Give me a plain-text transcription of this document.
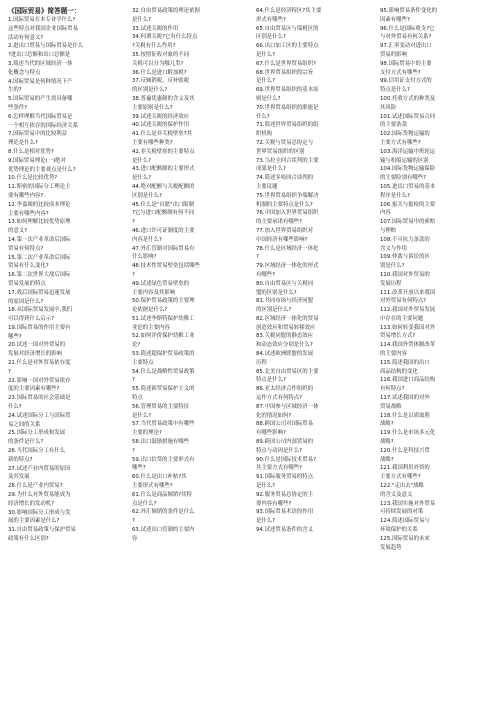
《国际贸易》简答题一：

1.国际贸易在本专业学什么?

这些特点对我国企业国际贸易

活动有何意义?

2.进出口贸易与国际贸易是什么

?进出口总额和出口总额是

3.简述当代的区域经济一体

化概念与特点

4.国际贸易是何种情况下产

生的?

5.国际贸易的产生需具备哪

些条件?

6.怎样理解当代国际贸易是

一个相互依存的国际经济关系

7.国际贸易中的比较利益

理论是什么?

8.什么是相对优势?

9.国际贸易理论(一)绝对

优势理论的主要观点是什么?

10.什么是比较优势?

11.斯密的国际分工理论主

要有哪些内容?

12.李嘉图的比较成本理论

主要有哪些内容?

13.如何理解比较优势原理

的意义?

14.第一次产业革命后国际

贸易有何特点?

15.第二次产业革命后国际

贸易有什么变化?

16.第二次世界大战后国际

贸易发展的特点

17.战后国际贸易迅速发展

的原因是什么?

18.从国际贸易发展中,我们

可以得到什么启示?

19.国际贸易的作用主要有

哪些?

20.试述一国对外贸易的

发展对经济增长的影响

21.什么是对外贸易依存度

?

22.影响一国对外贸易依存

度的主要因素有哪些?

23.国际贸易的社会基础是

什么?

24.试述国际分工与国际贸

易之间的关系

25.国际分工形成和发展

的条件是什么?

26.当代国际分工有什么

新的特点?

27.试述产业内贸易的原因

及其发展

28.什么是产业内贸易?

29.为什么对外贸易能成为

经济增长的发动机?

30.影响国际分工形成与发

展的主要因素是什么?

31.自由贸易政策与保护贸易

政策有什么区别?

32.自由贸易政策的理论依据

是什么?

33.试述关税的作用

34.何谓关税?它有什么特点

?关税有什么作用?

35.按照征收对象的不同

关税可以分为哪几类?

36.什么是进口附加税?

37.反倾销税、反补贴税

的区别是什么?

38.普遍优惠制的含义及其

主要原则是什么?

39.试述关税的经济效应

40.试述关税的保护作用

41.什么是非关税壁垒?其

主要有哪些种类?

42.非关税壁垒的主要特点

是什么?

43.进口配额制的主要形式

是什么?

44.绝对配额与关税配额的

区别是什么?

45.什么是"自愿"出口限制

?它与进口配额制有何不同

?

46.进口许可证制度的主要

内容是什么?

47.外汇管制对国际贸易有

什么影响?

48.技术性贸易壁垒包括哪些

?

49.试述绿色贸易壁垒的

主要内容及其影响

50.保护贸易政策的主要理

论依据是什么?

51.试述李斯特保护幼稚工

业论的主要内容

52.如何评价保护幼稚工业

论?

53.简述超保护贸易政策的

主要特点

54.什么是战略性贸易政策

?

55.简述新贸易保护主义的

特点

56.管理贸易的主要特征

是什么?

57.当代贸易政策中有哪些

主要的理论?

58.出口鼓励措施有哪些

?

59.出口信贷的主要形式有

哪些?

60.什么是出口补贴?其

主要形式有哪些?

61.什么是商品倾销?其特

点是什么?

62.外汇倾销的条件是什么

?

63.试述出口管制的主要内

容

64.什么是经济特区?其主要

形式有哪些?

65.自由贸易区与保税区的

区别是什么?

66.出口加工区的主要特点

是什么?

67.什么是世界贸易组织?

68.世界贸易组织的宗旨

是什么?

69.世界贸易组织的基本原

则是什么?

70.世界贸易组织的职能是

什么?

71.简述世界贸易组织的组

织机构

72.关税与贸易总协定与

世界贸易组织的区别

73.乌拉圭回合谈判的主要

成果是什么?

74.简述多哈回合谈判的

主要议题

75.世界贸易组织争端解决

机制的主要特点是什么?

76.中国加入世界贸易组织

的主要承诺有哪些?

77.加入世界贸易组织对

中国经济有哪些影响?

78.什么是区域经济一体化

?

79.区域经济一体化的形式

有哪些?

80.自由贸易区与关税同

盟的区别是什么?

81.共同市场与经济同盟

的区别是什么?

82.区域经济一体化的贸易

创造效应和贸易转移效应

83.关税同盟的静态效应

和动态效应分别是什么?

84.试述欧洲联盟的发展

历程

85.北美自由贸易区的主要

特点是什么?

86.亚太经济合作组织的

运作方式有何特点?

87.中国参与区域经济一体

化的情况如何?

88.跨国公司对国际贸易

有哪些影响?

89.跨国公司内部贸易的

特点与动因是什么?

90.什么是国际技术贸易?

其主要方式有哪些?

91.国际服务贸易的特点

是什么?

92.服务贸易总协定的主

要内容有哪些?

93.国际贸易术语的作用

是什么?

94.试述贸易条件的含义

95.影响贸易条件变化的

因素有哪些?

96.什么是国际收支?它

与对外贸易有何关系?

97.汇率变动对进出口

贸易的影响

98.国际贸易中的主要

支付方式有哪些?

99.信用证支付方式的

特点是什么?

100.托收方式的种类及

其风险

101.试述国际贸易合同

的主要条款

102.国际货物运输的

主要方式有哪些?

103.海洋运输中班轮运

输与租船运输的区别

104.国际货物运输保险

的主要险别有哪些?

105.进出口贸易的基本

程序是什么?

106.报关与报检的主要

内容

107.国际贸易中的索赔

与理赔

108.不可抗力条款的

含义与作用

109.仲裁与诉讼的区

别是什么?

110.我国对外贸易的

发展历程

111.改革开放以来我国

对外贸易有何特点?

112.我国对外贸易发展

中存在的主要问题

113.如何转变我国对外

贸易增长方式?

114.我国外贸体制改革

的主要内容

115.简述我国的出口

商品结构的变化

116.我国进口商品结构

有何特点?

117.试述我国的对外

贸易战略

118.什么是以质取胜

战略?

119.什么是市场多元化

战略?

120.什么是科技兴贸

战略?

121.我国利用外资的

主要方式有哪些?

122."走出去"战略

的含义及意义

123.我国实施对外贸易

可持续发展的对策

124.简述国际贸易与

环境保护的关系

125.国际贸易的未来

发展趋势
